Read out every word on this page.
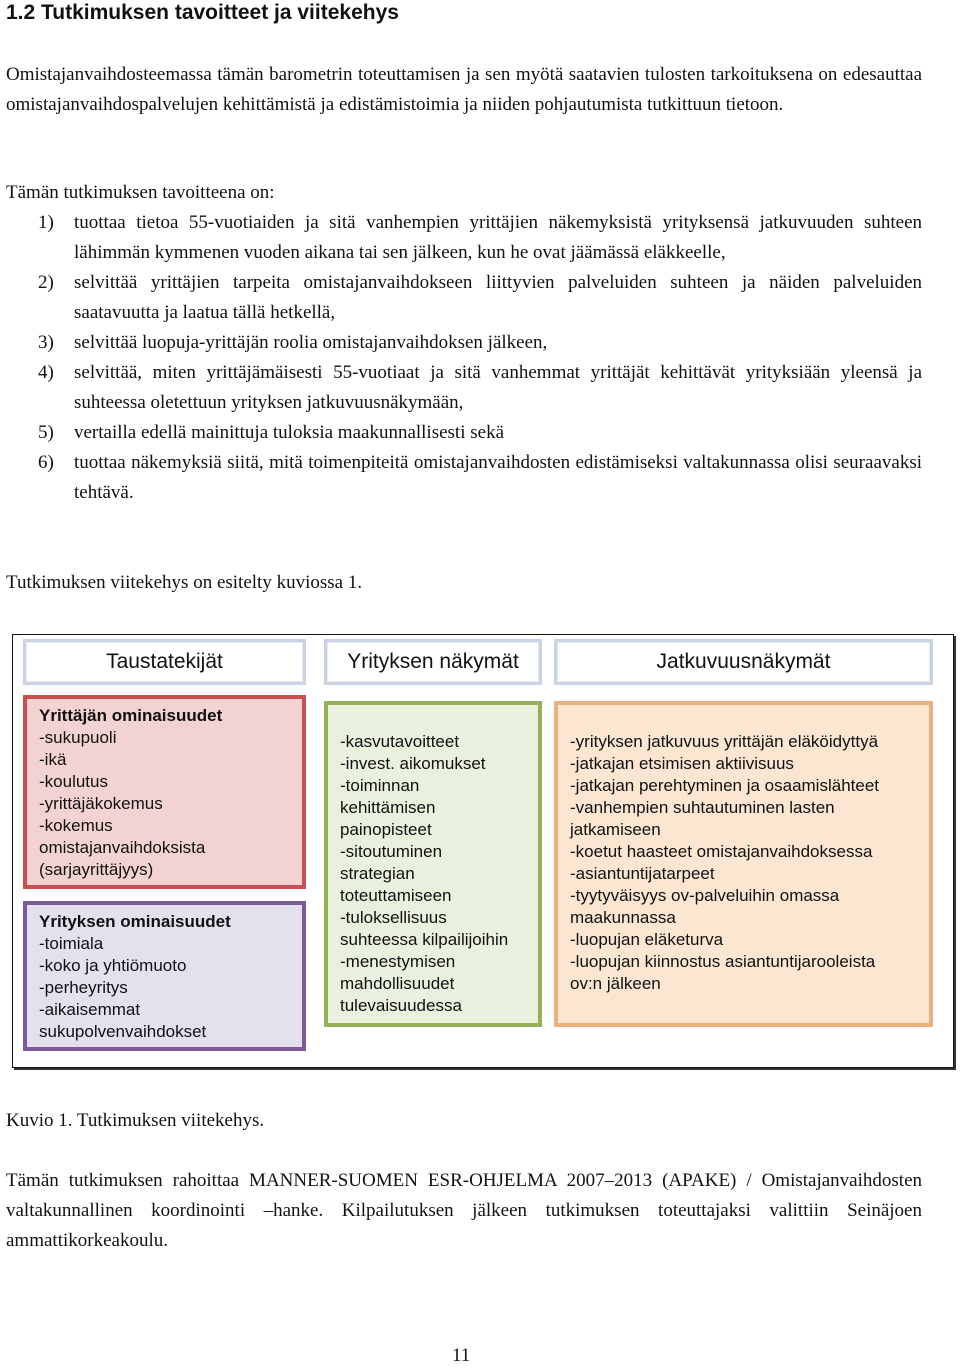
1.2 Tutkimuksen tavoitteet ja viitekehys

Omistajanvaihdosteemassa tämän barometrin toteuttamisen ja sen myötä saatavien tulosten tarkoituksena on edesauttaa omistajanvaihdospalvelujen kehittämistä ja edistämistoimia ja niiden pohjautumista tutkittuun tietoon.

Tämän tutkimuksen tavoitteena on:
1) tuottaa tietoa 55-vuotiaiden ja sitä vanhempien yrittäjien näkemyksistä yrityksensä jatkuvuuden suhteen lähimmän kymmenen vuoden aikana tai sen jälkeen, kun he ovat jäämässä eläkkeelle,
2) selvittää yrittäjien tarpeita omistajanvaihdokseen liittyvien palveluiden suhteen ja näiden palveluiden saatavuutta ja laatua tällä hetkellä,
3) selvittää luopuja-yrittäjän roolia omistajanvaihdoksen jälkeen,
4) selvittää, miten yrittäjämäisesti 55-vuotiaat ja sitä vanhemmat yrittäjät kehittävät yrityksiään yleensä ja suhteessa oletettuun yrityksen jatkuvuusnäkymään,
5) vertailla edellä mainittuja tuloksia maakunnallisesti sekä
6) tuottaa näkemyksiä siitä, mitä toimenpiteitä omistajanvaihdosten edistämiseksi valtakunnassa olisi seuraavaksi tehtävä.
Tutkimuksen viitekehys on esitelty kuviossa 1.
Taustatekijät	Yrityksen näkymät	Jatkuvuusnäkymät
Yrittäjän ominaisuudet
-sukupuoli
-ikä
-koulutus
-yrittäjäkokemus
-kokemus
omistajanvaihdoksista
(sarjayrittäjyys)
Yrityksen ominaisuudet
-toimiala
-koko ja yhtiömuoto
-perheyritys
-aikaisemmat
sukupolvenvaihdokset
-kasvutavoitteet
-invest. aikomukset
-toiminnan
kehittämisen
painopisteet
-sitoutuminen
strategian
toteuttamiseen
-tuloksellisuus
suhteessa kilpailijoihin
-menestymisen
mahdollisuudet
tulevaisuudessa
-yrityksen jatkuvuus yrittäjän eläköidyttyä
-jatkajan etsimisen aktiivisuus
-jatkajan perehtyminen ja osaamislähteet
-vanhempien suhtautuminen lasten
jatkamiseen
-koetut haasteet omistajanvaihdoksessa
-asiantuntijatarpeet
-tyytyväisyys ov-palveluihin omassa
maakunnassa
-luopujan eläketurva
-luopujan kiinnostus asiantuntijarooleista
ov:n jälkeen
Kuvio 1. Tutkimuksen viitekehys.

Tämän tutkimuksen rahoittaa MANNER-SUOMEN ESR-OHJELMA 2007–2013 (APAKE) / Omistajanvaihdosten valtakunnallinen koordinointi –hanke. Kilpailutuksen jälkeen tutkimuksen toteuttajaksi valittiin Seinäjoen ammattikorkeakoulu.

11
